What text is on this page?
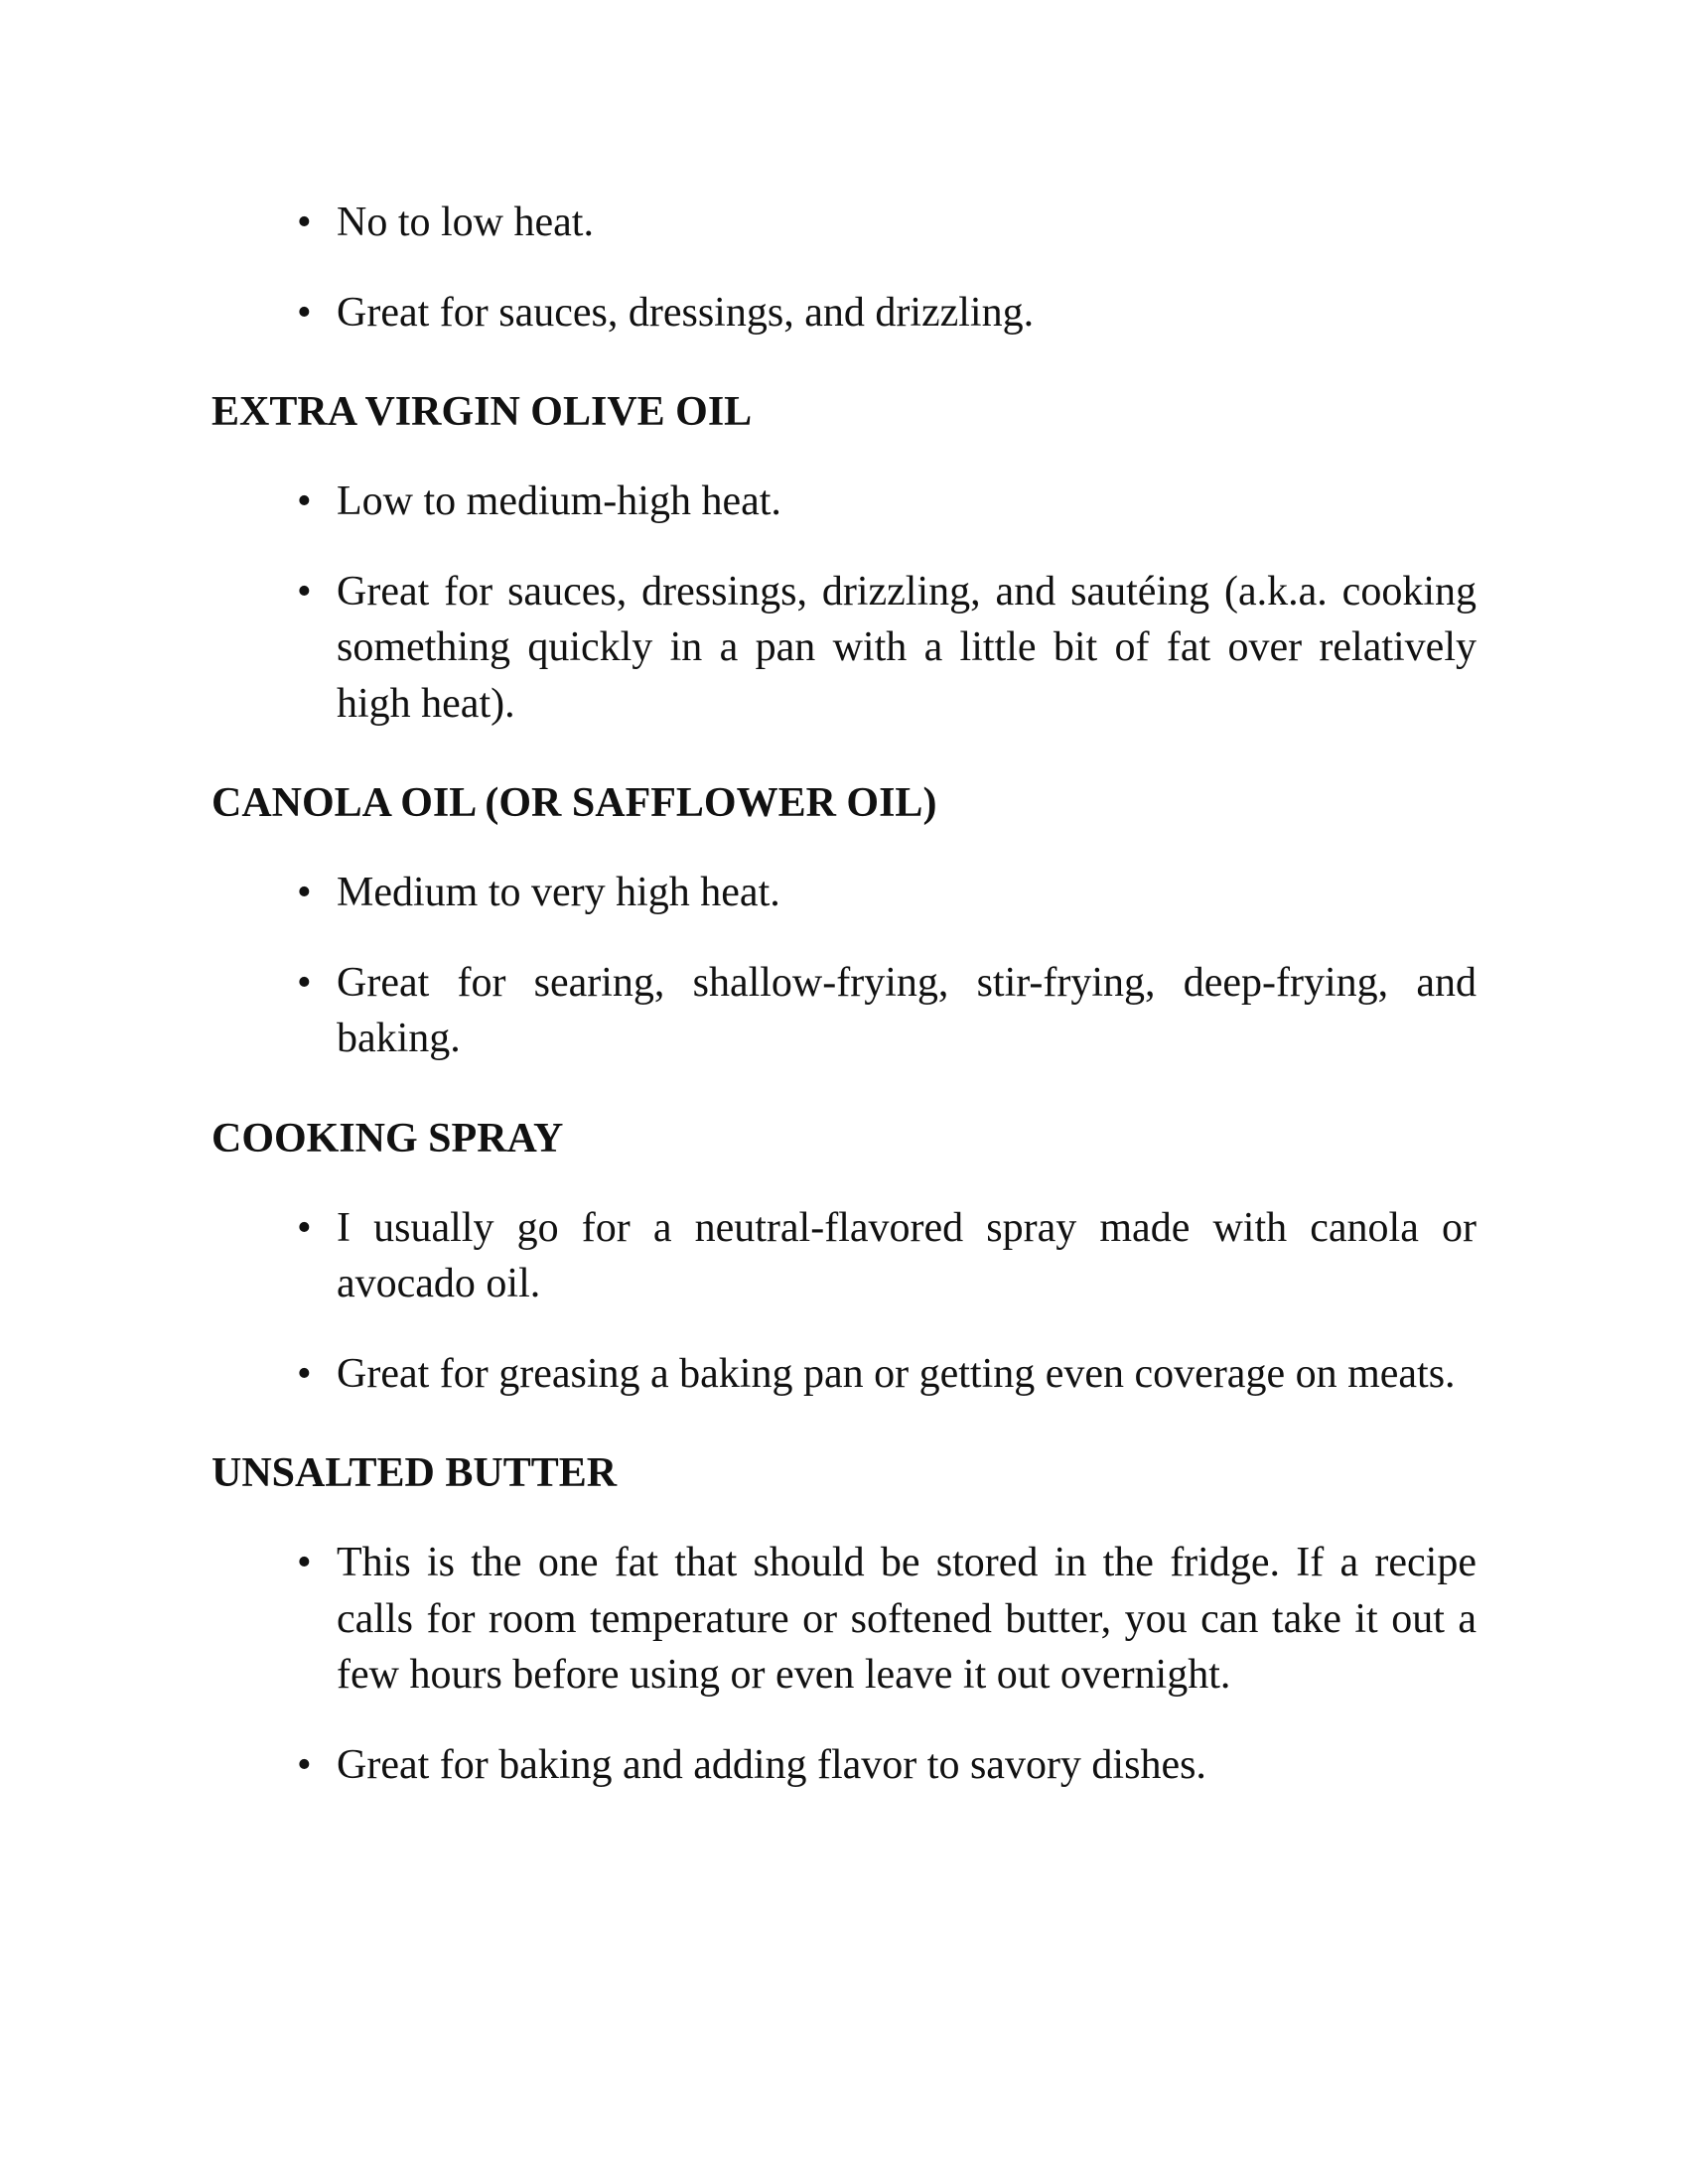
• No to low heat.
• Great for sauces, dressings, and drizzling.
EXTRA VIRGIN OLIVE OIL
• Low to medium-high heat.
• Great for sauces, dressings, drizzling, and sautéing (a.k.a. cooking something quickly in a pan with a little bit of fat over relatively high heat).
CANOLA OIL (OR SAFFLOWER OIL)
• Medium to very high heat.
• Great for searing, shallow-frying, stir-frying, deep-frying, and baking.
COOKING SPRAY
• I usually go for a neutral-flavored spray made with canola or avocado oil.
• Great for greasing a baking pan or getting even coverage on meats.
UNSALTED BUTTER
• This is the one fat that should be stored in the fridge. If a recipe calls for room temperature or softened butter, you can take it out a few hours before using or even leave it out overnight.
• Great for baking and adding flavor to savory dishes.
